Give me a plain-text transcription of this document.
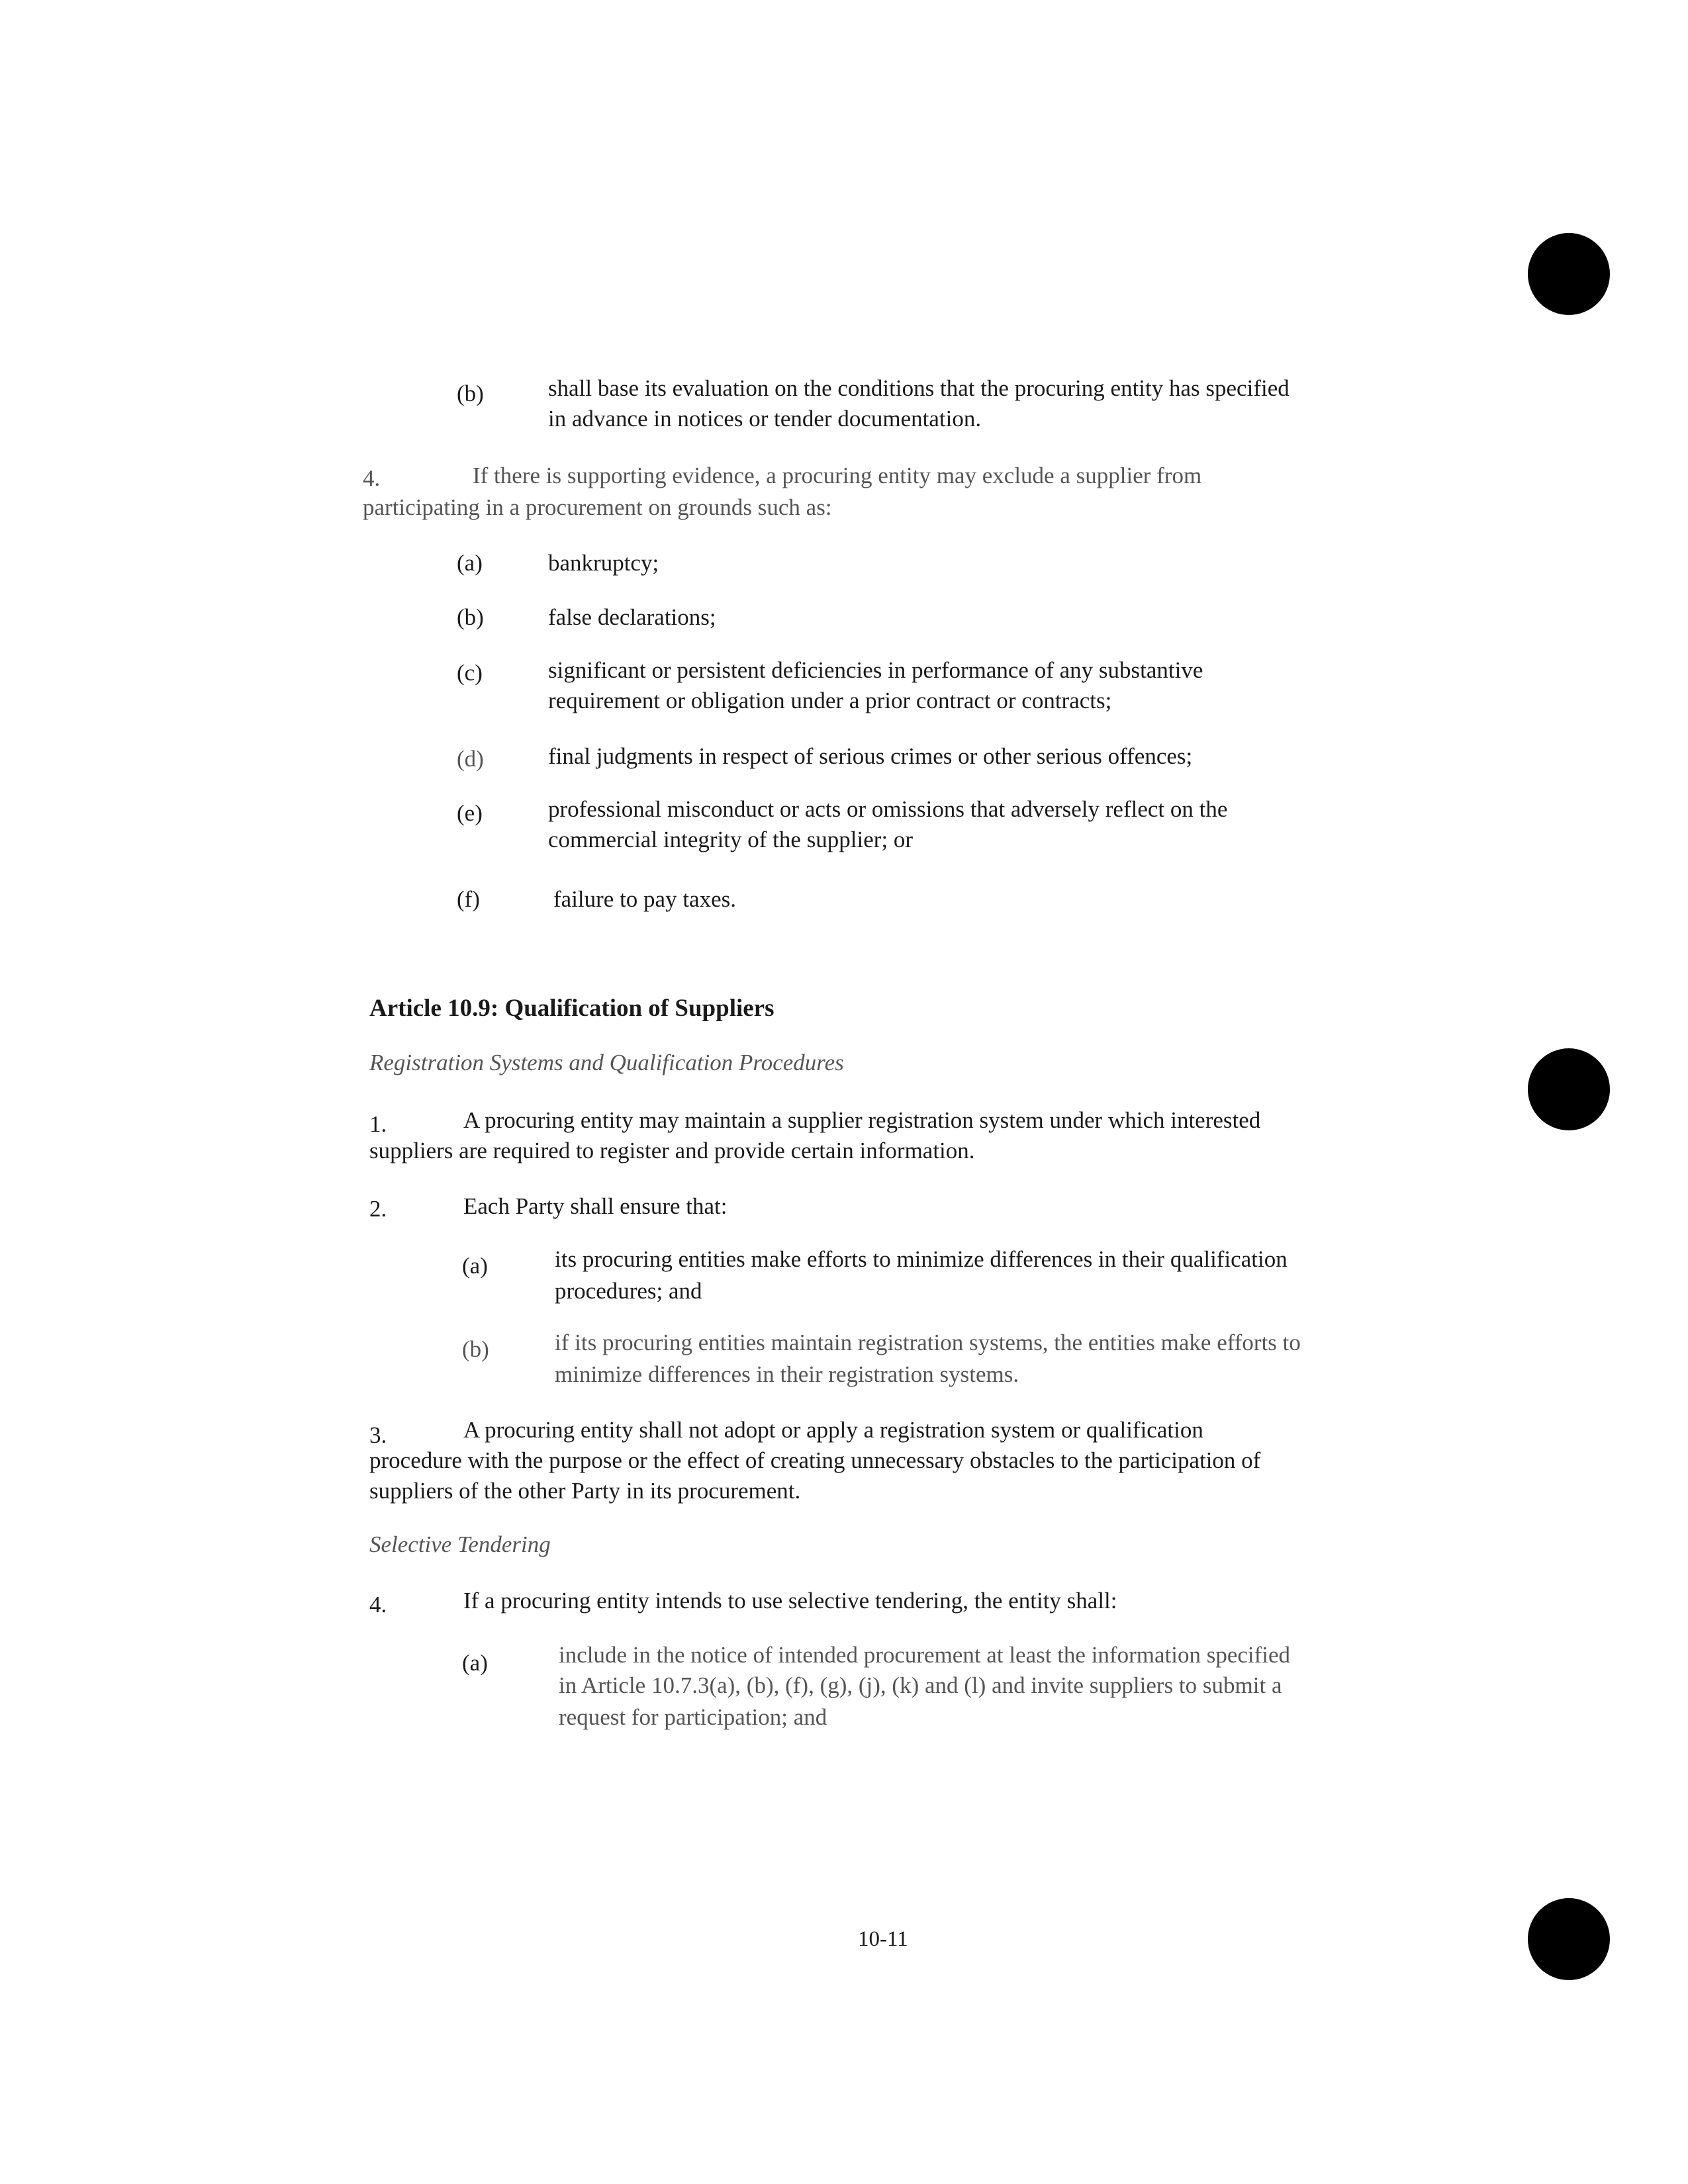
(b)	shall base its evaluation on the conditions that the procuring entity has specified
in advance in notices or tender documentation.
4.	If there is supporting evidence, a procuring entity may exclude a supplier from
participating in a procurement on grounds such as:
(a)	bankruptcy;
(b)	false declarations;
(c)	significant or persistent deficiencies in performance of any substantive
requirement or obligation under a prior contract or contracts;
(d)	final judgments in respect of serious crimes or other serious offences;
(e)	professional misconduct or acts or omissions that adversely reflect on the
commercial integrity of the supplier; or
(f)	failure to pay taxes.
Article 10.9: Qualification of Suppliers
Registration Systems and Qualification Procedures
1.	A procuring entity may maintain a supplier registration system under which interested
suppliers are required to register and provide certain information.
2.	Each Party shall ensure that:
(a)	its procuring entities make efforts to minimize differences in their qualification
procedures; and
(b)	if its procuring entities maintain registration systems, the entities make efforts to
minimize differences in their registration systems.
3.	A procuring entity shall not adopt or apply a registration system or qualification
procedure with the purpose or the effect of creating unnecessary obstacles to the participation of
suppliers of the other Party in its procurement.
Selective Tendering
4.	If a procuring entity intends to use selective tendering, the entity shall:
(a)	include in the notice of intended procurement at least the information specified
in Article 10.7.3(a), (b), (f), (g), (j), (k) and (l) and invite suppliers to submit a
request for participation; and
10-11
